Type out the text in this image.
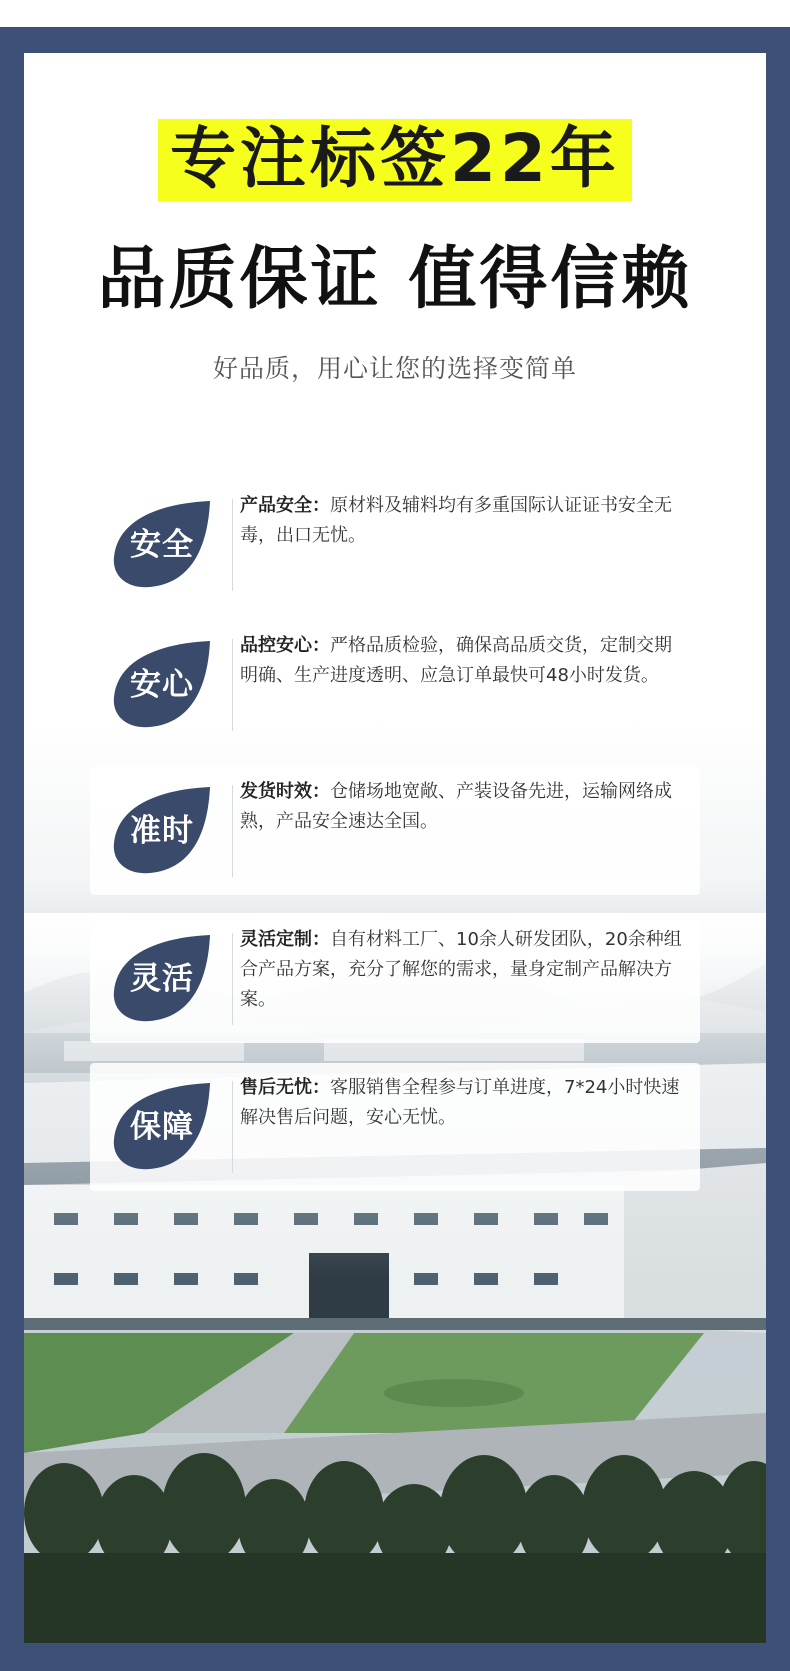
专注标签22年
品质保证 值得信赖
好品质，用心让您的选择变简单
安全
产品安全：原材料及辅料均有多重国际认证证书安全无毒，出口无忧。
安心
品控安心：严格品质检验，确保高品质交货，定制交期明确、生产进度透明、应急订单最快可48小时发货。
准时
发货时效：仓储场地宽敞、产装设备先进，运输网络成熟，产品安全速达全国。
灵活
灵活定制：自有材料工厂、10余人研发团队，20余种组合产品方案，充分了解您的需求，量身定制产品解决方案。
保障
售后无忧：客服销售全程参与订单进度，7*24小时快速解决售后问题，安心无忧。
